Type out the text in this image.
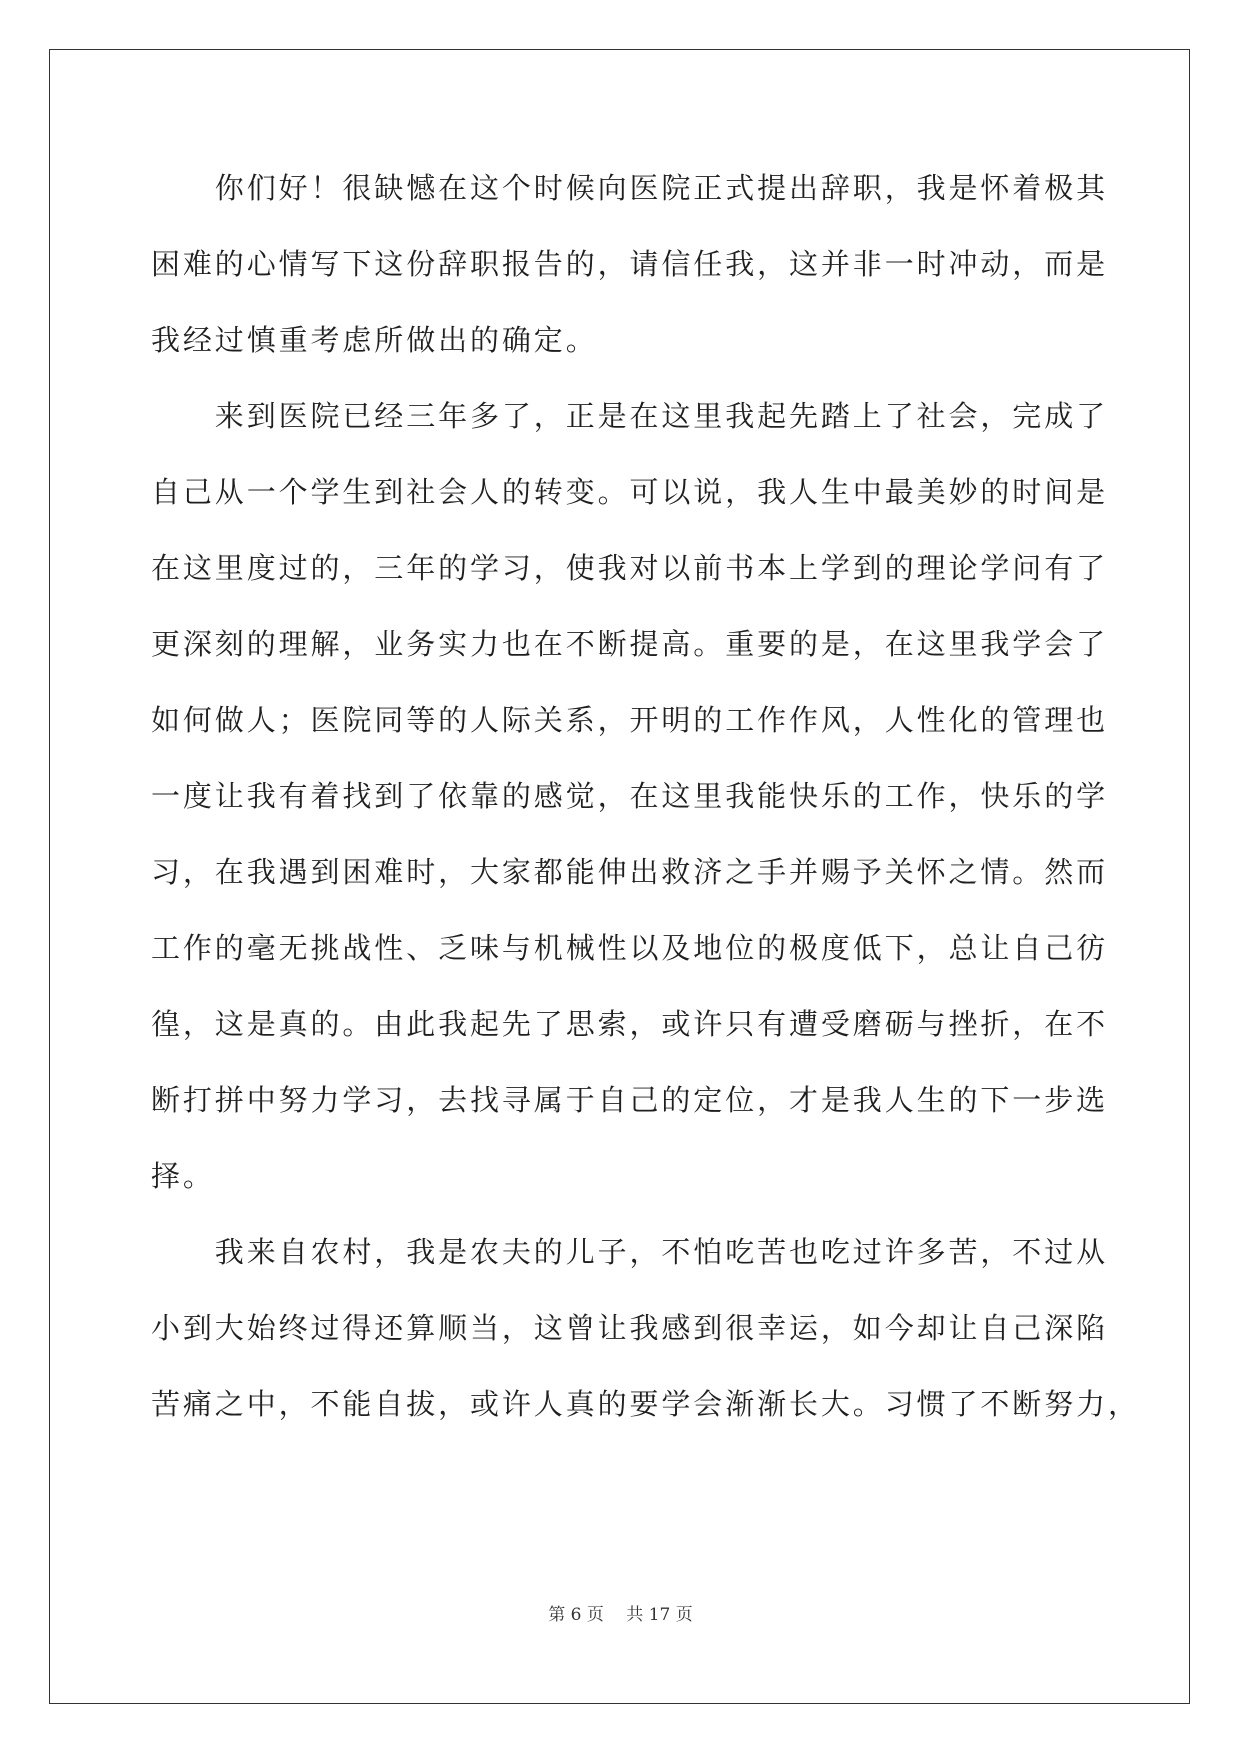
　　你们好！很缺憾在这个时候向医院正式提出辞职，我是怀着极其
困难的心情写下这份辞职报告的，请信任我，这并非一时冲动，而是
我经过慎重考虑所做出的确定。
　　来到医院已经三年多了，正是在这里我起先踏上了社会，完成了
自己从一个学生到社会人的转变。可以说，我人生中最美妙的时间是
在这里度过的，三年的学习，使我对以前书本上学到的理论学问有了
更深刻的理解，业务实力也在不断提高。重要的是，在这里我学会了
如何做人；医院同等的人际关系，开明的工作作风，人性化的管理也
一度让我有着找到了依靠的感觉，在这里我能快乐的工作，快乐的学
习，在我遇到困难时，大家都能伸出救济之手并赐予关怀之情。然而
工作的毫无挑战性、乏味与机械性以及地位的极度低下，总让自己彷
徨，这是真的。由此我起先了思索，或许只有遭受磨砺与挫折，在不
断打拼中努力学习，去找寻属于自己的定位，才是我人生的下一步选
择。
　　我来自农村，我是农夫的儿子，不怕吃苦也吃过许多苦，不过从
小到大始终过得还算顺当，这曾让我感到很幸运，如今却让自己深陷
苦痛之中，不能自拔，或许人真的要学会渐渐长大。习惯了不断努力，
第 6 页　 共 17 页
